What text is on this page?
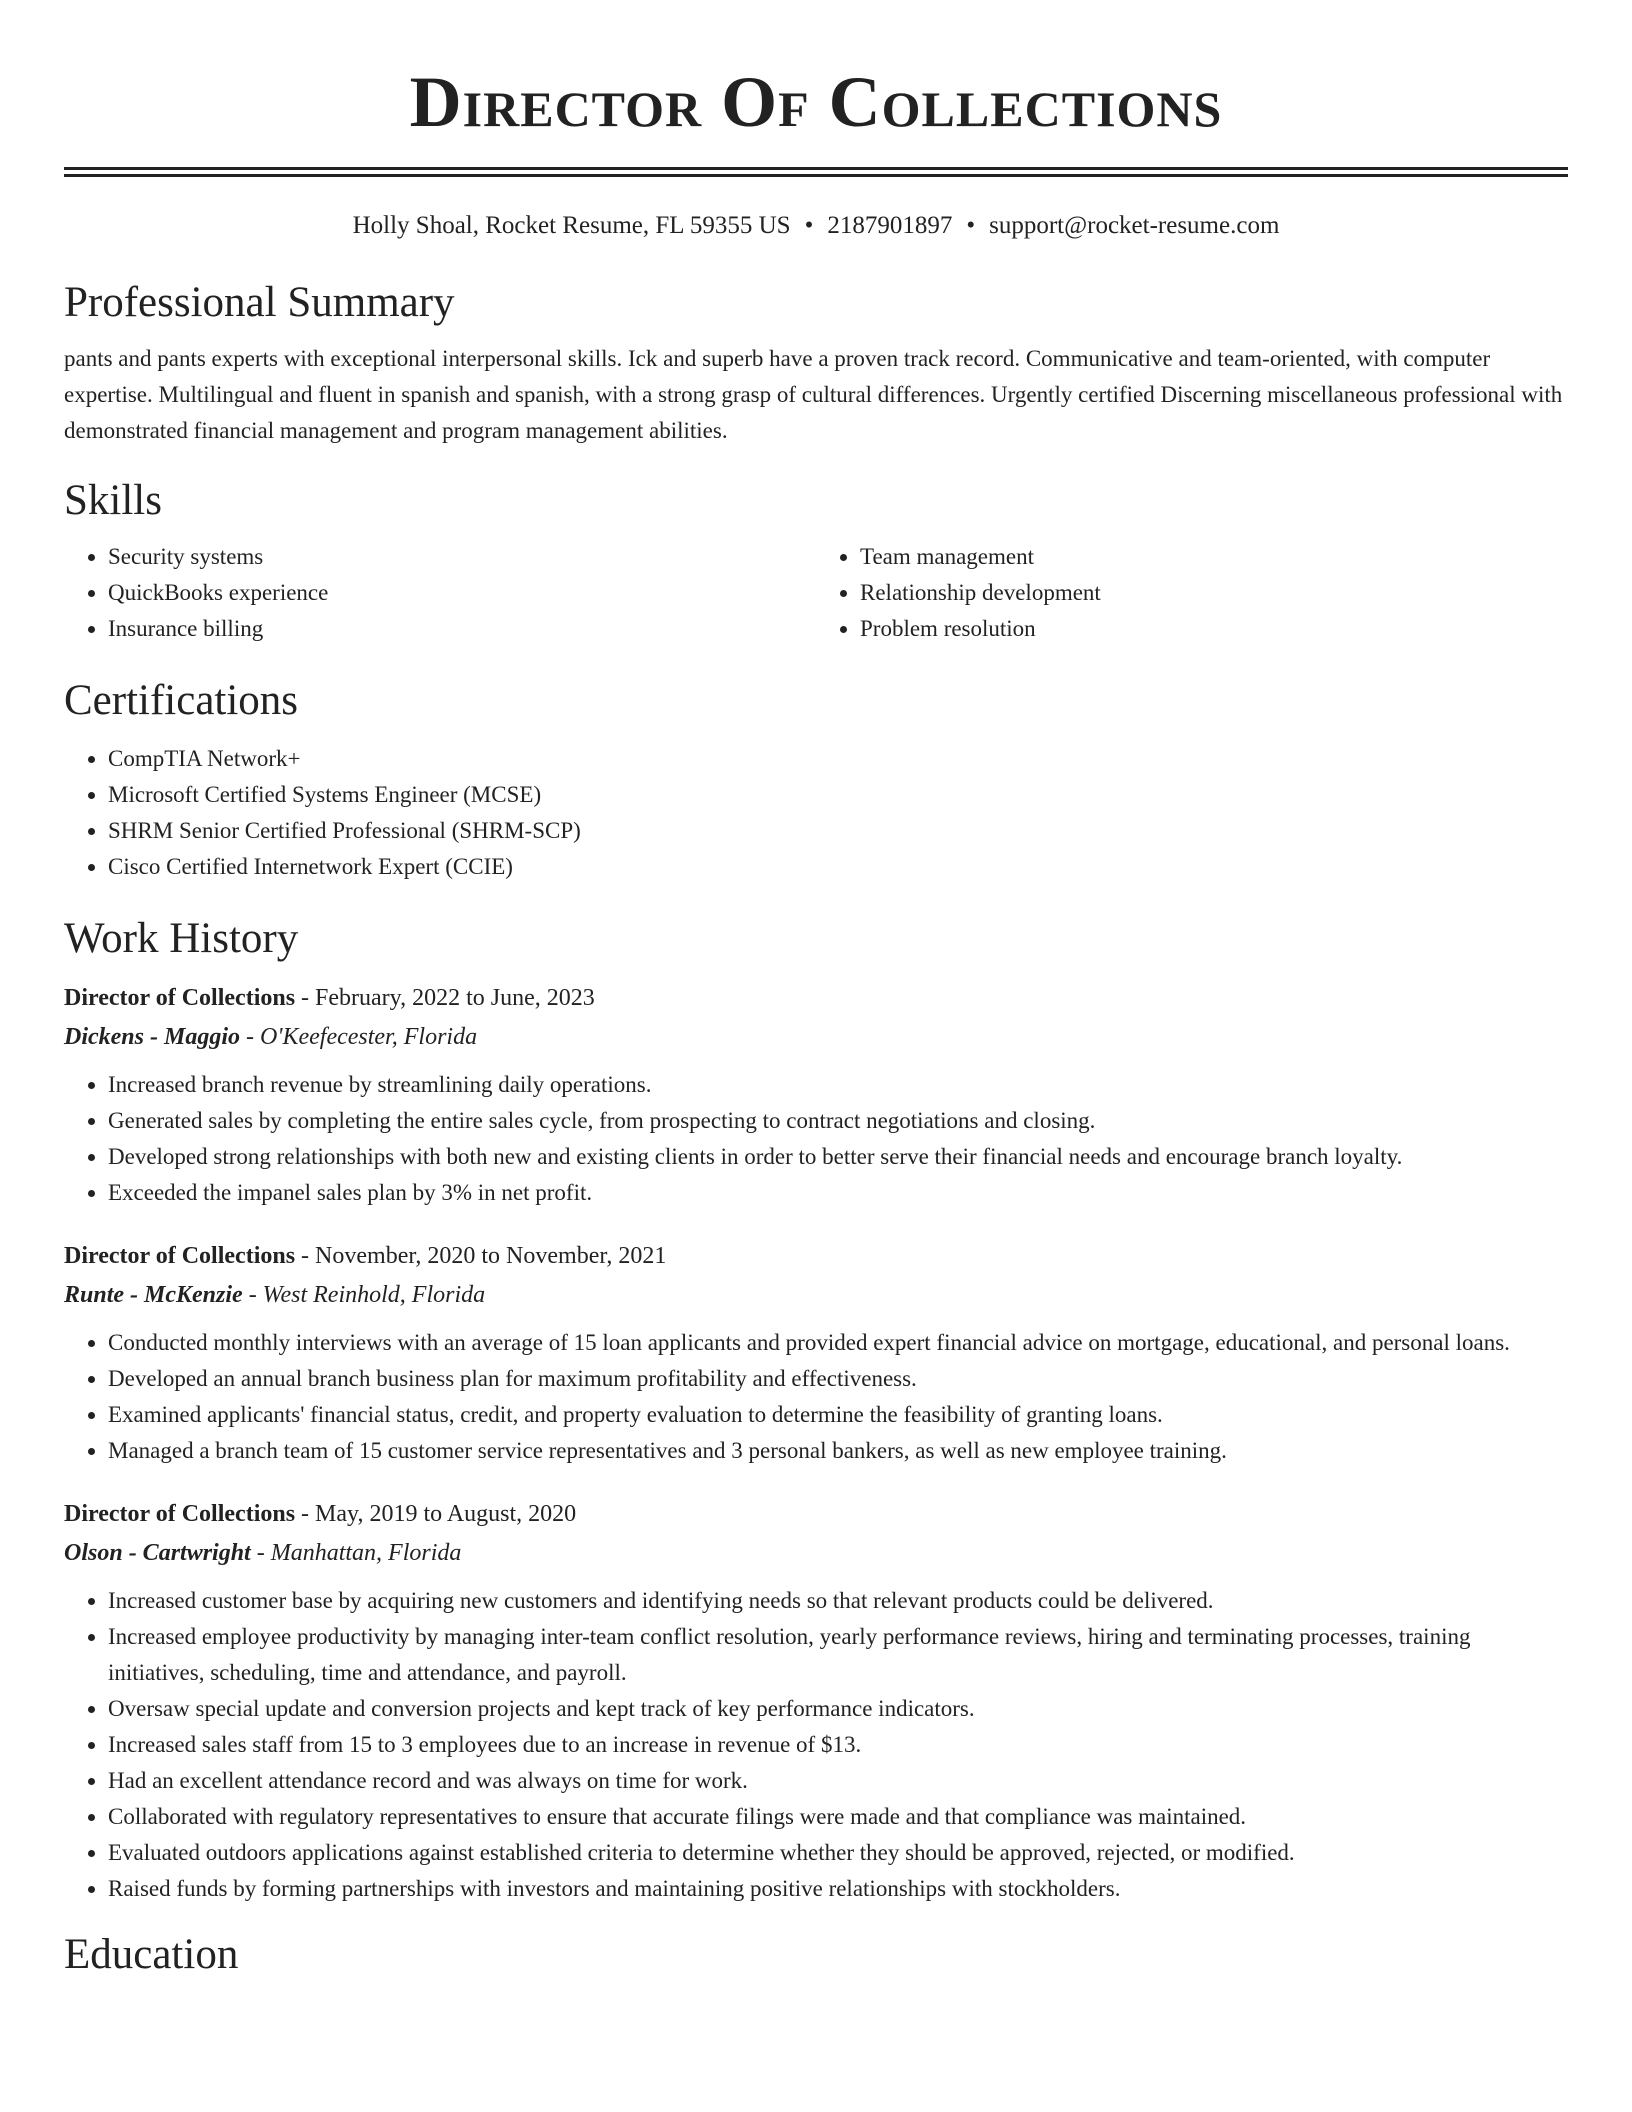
Director Of Collections
Holly Shoal, Rocket Resume, FL 59355 US • 2187901897 • support@rocket-resume.com
Professional Summary

pants and pants experts with exceptional interpersonal skills. Ick and superb have a proven track record. Communicative and team-oriented, with computer expertise. Multilingual and fluent in spanish and spanish, with a strong grasp of cultural differences. Urgently certified Discerning miscellaneous professional with demonstrated financial management and program management abilities.

Skills
• Security systems
• QuickBooks experience
• Insurance billing
• Team management
• Relationship development
• Problem resolution
Certifications
• CompTIA Network+
• Microsoft Certified Systems Engineer (MCSE)
• SHRM Senior Certified Professional (SHRM-SCP)
• Cisco Certified Internetwork Expert (CCIE)
Work History
Director of Collections - February, 2022 to June, 2023
Dickens - Maggio - O'Keefecester, Florida
• Increased branch revenue by streamlining daily operations.
• Generated sales by completing the entire sales cycle, from prospecting to contract negotiations and closing.
• Developed strong relationships with both new and existing clients in order to better serve their financial needs and encourage branch loyalty.
• Exceeded the impanel sales plan by 3% in net profit.
Director of Collections - November, 2020 to November, 2021
Runte - McKenzie - West Reinhold, Florida
• Conducted monthly interviews with an average of 15 loan applicants and provided expert financial advice on mortgage, educational, and personal loans.
• Developed an annual branch business plan for maximum profitability and effectiveness.
• Examined applicants' financial status, credit, and property evaluation to determine the feasibility of granting loans.
• Managed a branch team of 15 customer service representatives and 3 personal bankers, as well as new employee training.
Director of Collections - May, 2019 to August, 2020
Olson - Cartwright - Manhattan, Florida
• Increased customer base by acquiring new customers and identifying needs so that relevant products could be delivered.
• Increased employee productivity by managing inter-team conflict resolution, yearly performance reviews, hiring and terminating processes, training initiatives, scheduling, time and attendance, and payroll.
• Oversaw special update and conversion projects and kept track of key performance indicators.
• Increased sales staff from 15 to 3 employees due to an increase in revenue of $13.
• Had an excellent attendance record and was always on time for work.
• Collaborated with regulatory representatives to ensure that accurate filings were made and that compliance was maintained.
• Evaluated outdoors applications against established criteria to determine whether they should be approved, rejected, or modified.
• Raised funds by forming partnerships with investors and maintaining positive relationships with stockholders.
Education
